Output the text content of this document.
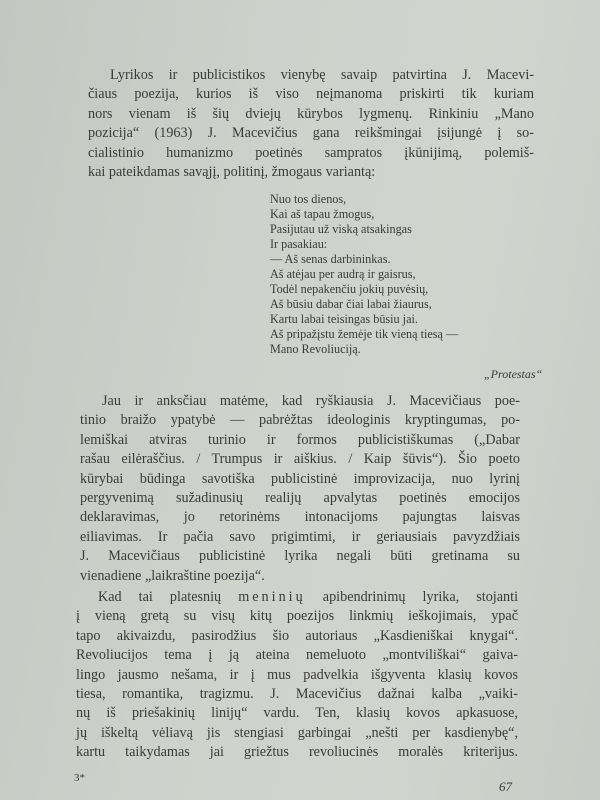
Lyrikos ir publicistikos vienybę savaip patvirtina J. Macevi-
čiaus poezija, kurios iš viso neįmanoma priskirti tik kuriam
nors vienam iš šių dviejų kūrybos lygmenų. Rinkiniu „Mano
pozicija“ (1963) J. Macevičius gana reikšmingai įsijungė į so-
cialistinio humanizmo poetinės sampratos įkūnijimą, polemiš-
kai pateikdamas savąjį, politinį, žmogaus variantą:
Nuo tos dienos,
Kai aš tapau žmogus,
Pasijutau už viską atsakingas
Ir pasakiau:
— Aš senas darbininkas.
Aš atėjau per audrą ir gaisrus,
Todėl nepakenčiu jokių puvėsių,
Aš būsiu dabar čiai labai žiaurus,
Kartu labai teisingas būsiu jai.
Aš pripažįstu žemėje tik vieną tiesą —
Mano Revoliuciją.
„Protestas“
Jau ir anksčiau matėme, kad ryškiausia J. Macevičiaus poe-
tinio braižo ypatybė — pabrėžtas ideologinis kryptingumas, po-
lemiškai atviras turinio ir formos publicistiškumas („Dabar
rašau eilėraščius. / Trumpus ir aiškius. / Kaip šūvis“). Šio poeto
kūrybai būdinga savotiška publicistinė improvizacija, nuo lyrinį
pergyvenimą sužadinusių realijų apvalytas poetinės emocijos
deklaravimas, jo retorinėms intonacijoms pajungtas laisvas
eiliavimas. Ir pačia savo prigimtimi, ir geriausiais pavyzdžiais
J. Macevičiaus publicistinė lyrika negali būti gretinama su
vienadiene „laikraštine poezija“.
Kad tai platesnių meninių apibendrinimų lyrika, stojanti
į vieną gretą su visų kitų poezijos linkmių ieškojimais, ypač
tapo akivaizdu, pasirodžius šio autoriaus „Kasdieniškai knygai“.
Revoliucijos tema į ją ateina nemeluoto „montviliškai“ gaiva-
lingo jausmo nešama, ir į mus padvelkia išgyventa klasių kovos
tiesa, romantika, tragizmu. J. Macevičius dažnai kalba „vaiki-
nų iš priešakinių linijų“ vardu. Ten, klasių kovos apkasuose,
jų iškeltą vėliavą jis stengiasi garbingai „nešti per kasdienybę“,
kartu taikydamas jai griežtus revoliucinės moralės kriterijus.
3*
67
